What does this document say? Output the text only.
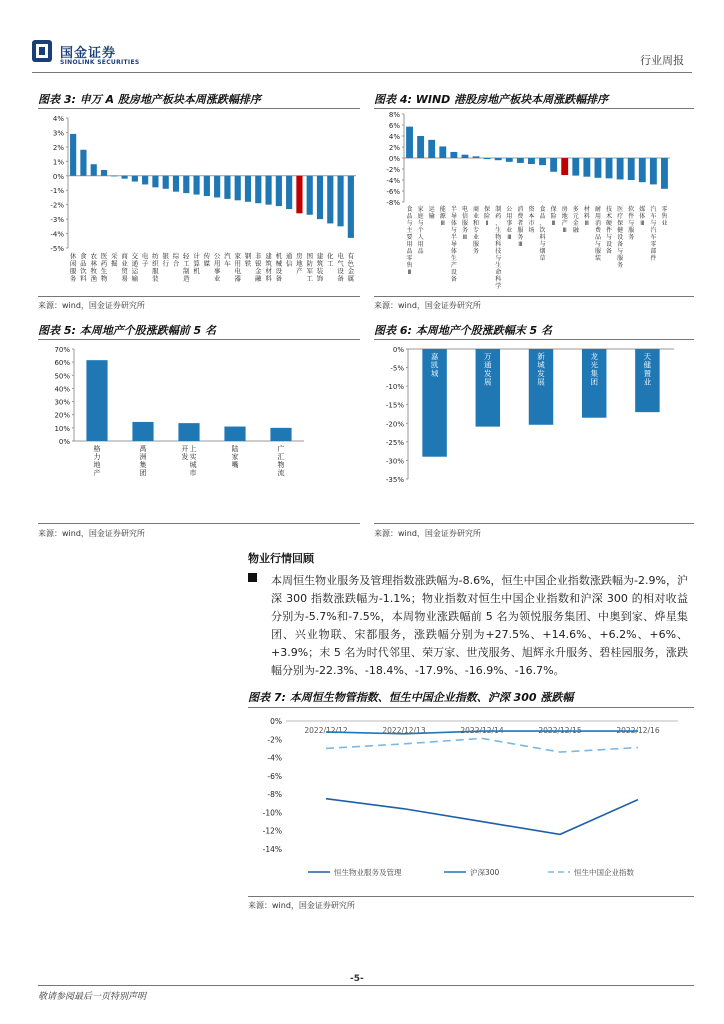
国金证券
SINOLINK SECURITIES	行业周报
图表 3: 申万 A 股房地产板块本周涨跌幅排序
4%
3%
2%
1%
0%
-1%
-2%
-3%
-4%
-5%
休闲服务
食品饮料
农林牧渔
医药生物
采掘
商业贸易
交通运输
电子
纺织服装
银行
综合
轻工制造
计算机
传媒
公用事业
汽车
家用电器
钢铁
非银金融
建筑材料
机械设备
通信
房地产
国防军工
建筑装饰
化工
电气设备
有色金属
来源：wind，国金证券研究所
图表 4: WIND 港股房地产板块本周涨跌幅排序
8%
6%
4%
2%
0%
-2%
-4%
-6%
-8%
食品与主要用品零售 Ⅲ
家庭与个人用品
运输
能源 Ⅲ
半导体与半导体生产设备
电信服务 Ⅲ
商业和专业服务
保险 Ⅱ
制药、生物科技与生命科学
公用事业 Ⅲ
消费者服务 Ⅲ
资本市场
食品、饮料与烟草
保险 Ⅲ
房地产 Ⅲ
多元金融
材料 Ⅲ
耐用消费品与服装
技术硬件与设备
医疗保健设备与服务
软件与服务
媒体 Ⅲ
汽车与汽车零部件
零售业
来源：wind，国金证券研究所
图表 5: 本周地产个股涨跌幅前 5 名
70%
60%
50%
40%
30%
20%
10%
0%
格力地产
禹洲集团
上实城市
开发
陆家嘴
广汇物流
来源：wind，国金证券研究所
图表 6: 本周地产个股涨跌幅末 5 名
0%
-5%
-10%
-15%
-20%
-25%
-30%
-35%
嘉凯城
万通发展
新城发展
龙光集团
天健置业
来源：wind，国金证券研究所
物业行情回顾
本周恒生物业服务及管理指数涨跌幅为-8.6%，恒生中国企业指数涨跌幅为-2.9%，沪深 300 指数涨跌幅为-1.1%；物业指数对恒生中国企业指数和沪深 300 的相对收益分别为-5.7%和-7.5%，本周物业涨跌幅前 5 名为领悦服务集团、中奥到家、烨星集团、兴业物联、宋都服务，涨跌幅分别为+27.5%、+14.6%、+6.2%、+6%、+3.9%；末 5 名为时代邻里、荣万家、世茂服务、旭辉永升服务、碧桂园服务，涨跌幅分别为-22.3%、-18.4%、-17.9%、-16.9%、-16.7%。
图表 7: 本周恒生物管指数、恒生中国企业指数、沪深 300 涨跌幅
0%
-2%
-4%
-6%
-8%
-10%
-12%
-14%
2022/12/12	2022/12/13	2022/12/14	2022/12/15	2022/12/16
恒生物业服务及管理	沪深300	恒生中国企业指数
来源：wind，国金证券研究所
-5-
敬请参阅最后一页特别声明
